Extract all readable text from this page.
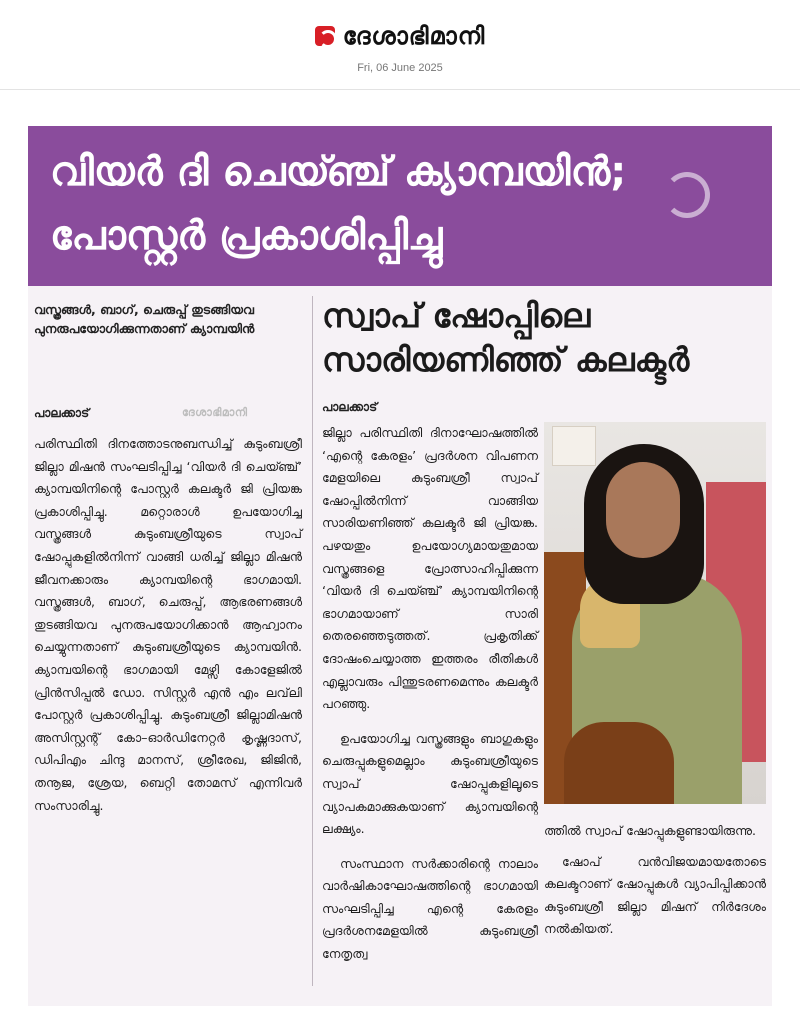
ദേശാഭിമാനി
Fri, 06 June 2025
വിയർ ദി ചെയ്ഞ്ച് ക്യാമ്പയിൻ;
പോസ്റ്റർ പ്രകാശിപ്പിച്ചു
വസ്ത്രങ്ങൾ, ബാഗ്, ചെരുപ്പ് തുടങ്ങിയവ പുനരുപയോഗിക്കുന്നതാണ് ക്യാമ്പയിൻ
പാലക്കാട്	ദേശാഭിമാനി
പരിസ്ഥിതി ദിനത്തോടനുബന്ധിച്ച് കുടുംബശ്രീ ജില്ലാ മിഷൻ സംഘടിപ്പിച്ച ‘വിയർ ദി ചെയ്ഞ്ച്’ ക്യാമ്പയിനിന്റെ പോസ്റ്റർ കലക്ടർ ജി പ്രിയങ്ക പ്രകാശിപ്പിച്ചു. മറ്റൊരാൾ ഉപയോഗിച്ച വസ്ത്രങ്ങൾ കുടുംബശ്രീയുടെ സ്വാപ് ഷോപ്പുകളിൽനിന്ന് വാങ്ങി ധരിച്ച് ജില്ലാ മിഷൻ ജീവനക്കാരും ക്യാമ്പയിന്റെ ഭാഗമായി. വസ്ത്രങ്ങൾ, ബാഗ്, ചെരുപ്പ്, ആഭരണങ്ങൾ തുടങ്ങിയവ പുനരുപയോഗിക്കാൻ ആഹ്വാനം ചെയ്യുന്നതാണ് കുടുംബശ്രീയുടെ ക്യാമ്പയിൻ. ക്യാമ്പയിന്റെ ഭാഗമായി മേഴ്സി കോളേജിൽ പ്രിൻസിപ്പൽ ഡോ. സിസ്റ്റർ എൻ എം ലവ്‌ലി പോസ്റ്റർ പ്രകാശിപ്പിച്ചു. കുടുംബശ്രീ ജില്ലാമിഷൻ അസിസ്റ്റന്റ് കോ–ഓർഡിനേറ്റർ കൃഷ്ണദാസ്, ഡിപിഎം ചിന്ദു മാനസ്, ശ്രീരേഖ, ജിജിൻ, തനൂജ, ശ്രേയ, ബെറ്റി തോമസ് എന്നിവർ സംസാരിച്ചു.
സ്വാപ് ഷോപ്പിലെ
സാരിയണിഞ്ഞ് കലക്ടർ
പാലക്കാട്

ജില്ലാ പരിസ്ഥിതി ദിനാഘോഷത്തിൽ ‘എന്റെ കേരളം’ പ്രദർശന വിപണന മേളയിലെ കുടുംബശ്രീ സ്വാപ് ഷോപ്പിൽനിന്ന് വാങ്ങിയ സാരിയണിഞ്ഞ് കലക്ടർ ജി പ്രിയങ്ക. പഴയതും ഉപയോഗ്യമായതുമായ വസ്ത്രങ്ങളെ പ്രോത്സാഹിപ്പിക്കുന്ന ‘വിയർ ദി ചെയ്ഞ്ച്’ ക്യാമ്പയിനിന്റെ ഭാഗമായാണ് സാരി തെരഞ്ഞെടുത്തത്. പ്രകൃതിക്ക് ദോഷംചെയ്യാത്ത ഇത്തരം രീതികൾ എല്ലാവരും പിന്തുടരണമെന്നും കലക്ടർ പറഞ്ഞു.

ഉപയോഗിച്ച വസ്ത്രങ്ങളും ബാഗുകളും ചെരുപ്പുകളുമെല്ലാം കുടുംബശ്രീയുടെ സ്വാപ് ഷോപ്പുകളിലൂടെ വ്യാപകമാക്കുകയാണ് ക്യാമ്പയിന്റെ ലക്ഷ്യം.

സംസ്ഥാന സർക്കാരിന്റെ നാലാം വാർഷികാഘോഷത്തിന്റെ ഭാഗമായി സംഘടിപ്പിച്ച എന്റെ കേരളം പ്രദർശനമേളയിൽ കുടുംബശ്രീ നേതൃത്വ

ത്തിൽ സ്വാപ് ഷോപ്പുകളുണ്ടായിരുന്നു.

ഷോപ് വൻവിജയമായതോടെ കലക്ടറാണ് ഷോപ്പുകൾ വ്യാപിപ്പിക്കാൻ കുടുംബശ്രീ ജില്ലാ മിഷന് നിർദേശം നൽകിയത്.
